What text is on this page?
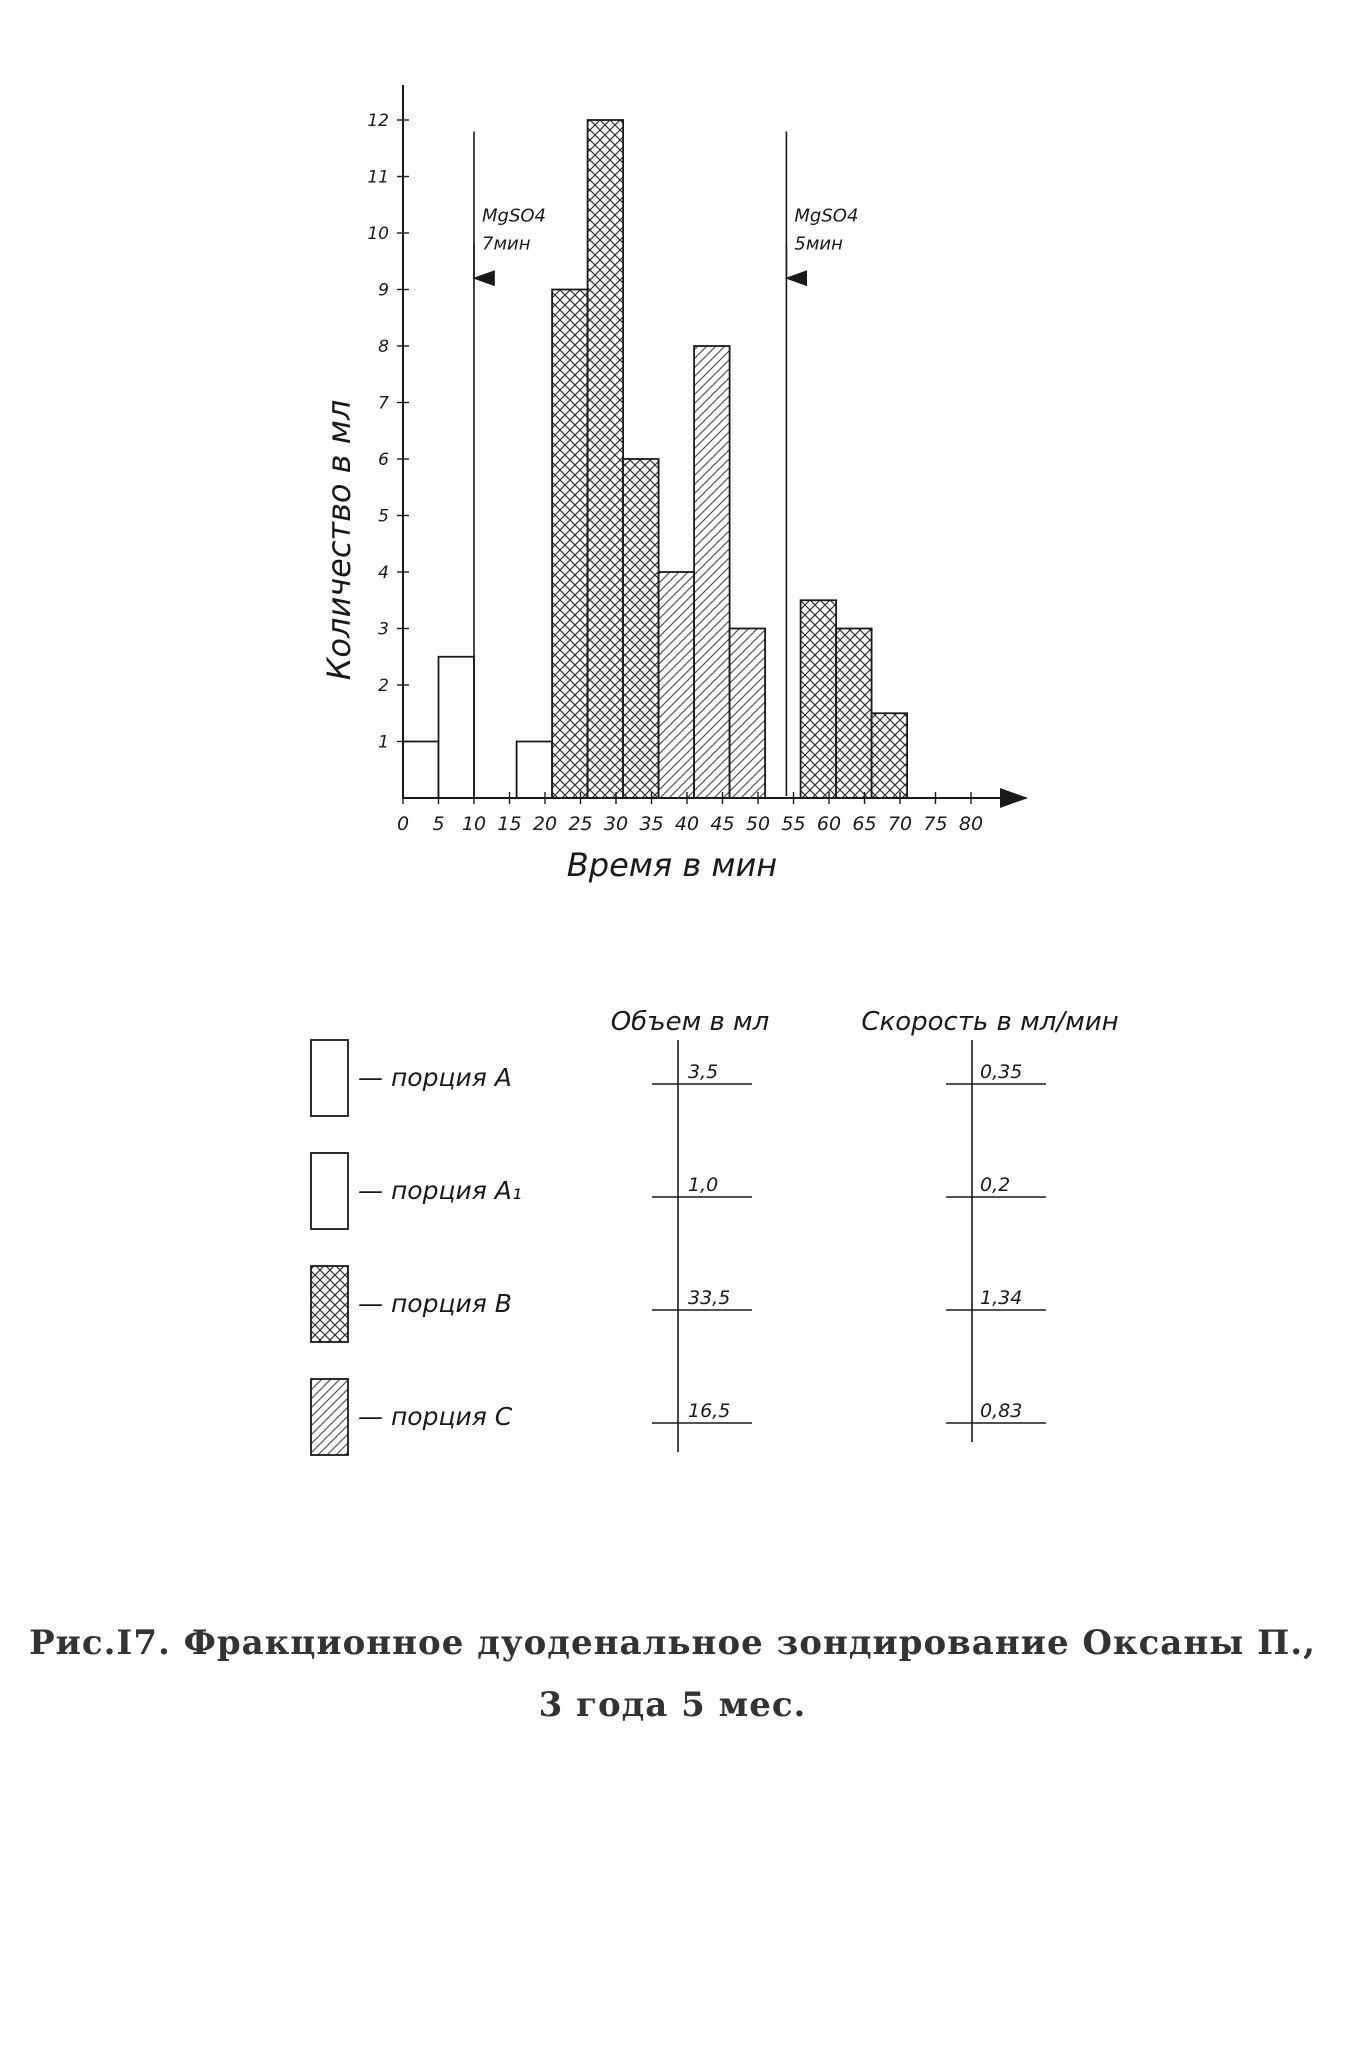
0 5 10 15 20 25 30 35 40 45 50 55 60 65 70 75 80
1
2
3
4
5
6
7
8
9
10
11
12
MgSO4
7мин
MgSO4
5мин
Время в мин
Количество в мл
Объем в мл	Скорость в мл/мин
— порция А	3,5	0,35
— порция А₁	1,0	0,2
— порция В	33,5	1,34
— порция С	16,5	0,83
Рис.I7. Фракционное дуоденальное зондирование Оксаны П.,
3 года 5 мес.
